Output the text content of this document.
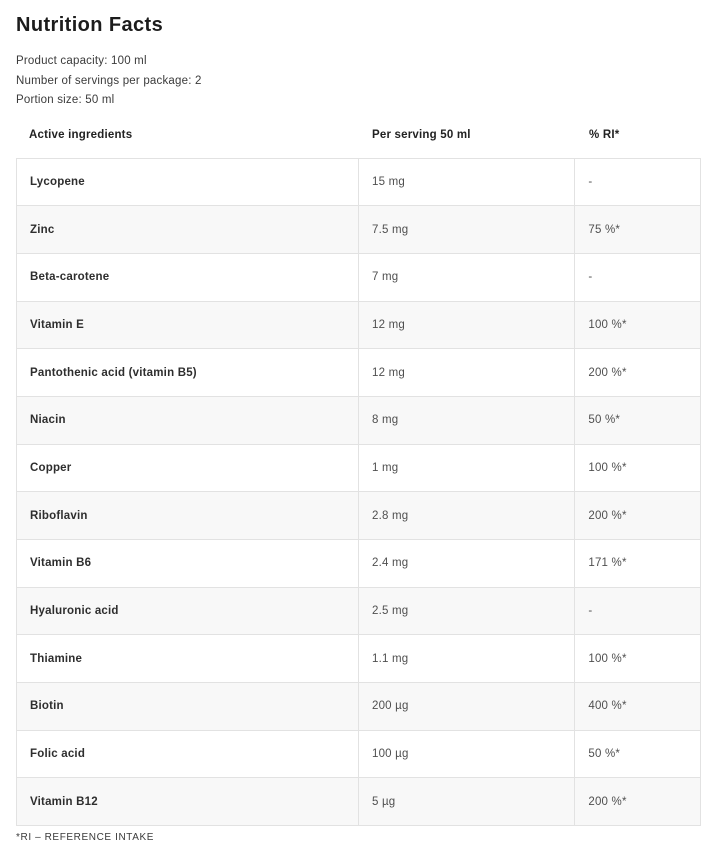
Nutrition Facts
Product capacity: 100 ml
Number of servings per package: 2
Portion size: 50 ml
Active ingredients	Per serving 50 ml	% RI*
Lycopene	15 mg	-
Zinc	7.5 mg	75 %*
Beta-carotene	7 mg	-
Vitamin E	12 mg	100 %*
Pantothenic acid (vitamin B5)	12 mg	200 %*
Niacin	8 mg	50 %*
Copper	1 mg	100 %*
Riboflavin	2.8 mg	200 %*
Vitamin B6	2.4 mg	171 %*
Hyaluronic acid	2.5 mg	-
Thiamine	1.1 mg	100 %*
Biotin	200 µg	400 %*
Folic acid	100 µg	50 %*
Vitamin B12	5 µg	200 %*
*RI – REFERENCE INTAKE
